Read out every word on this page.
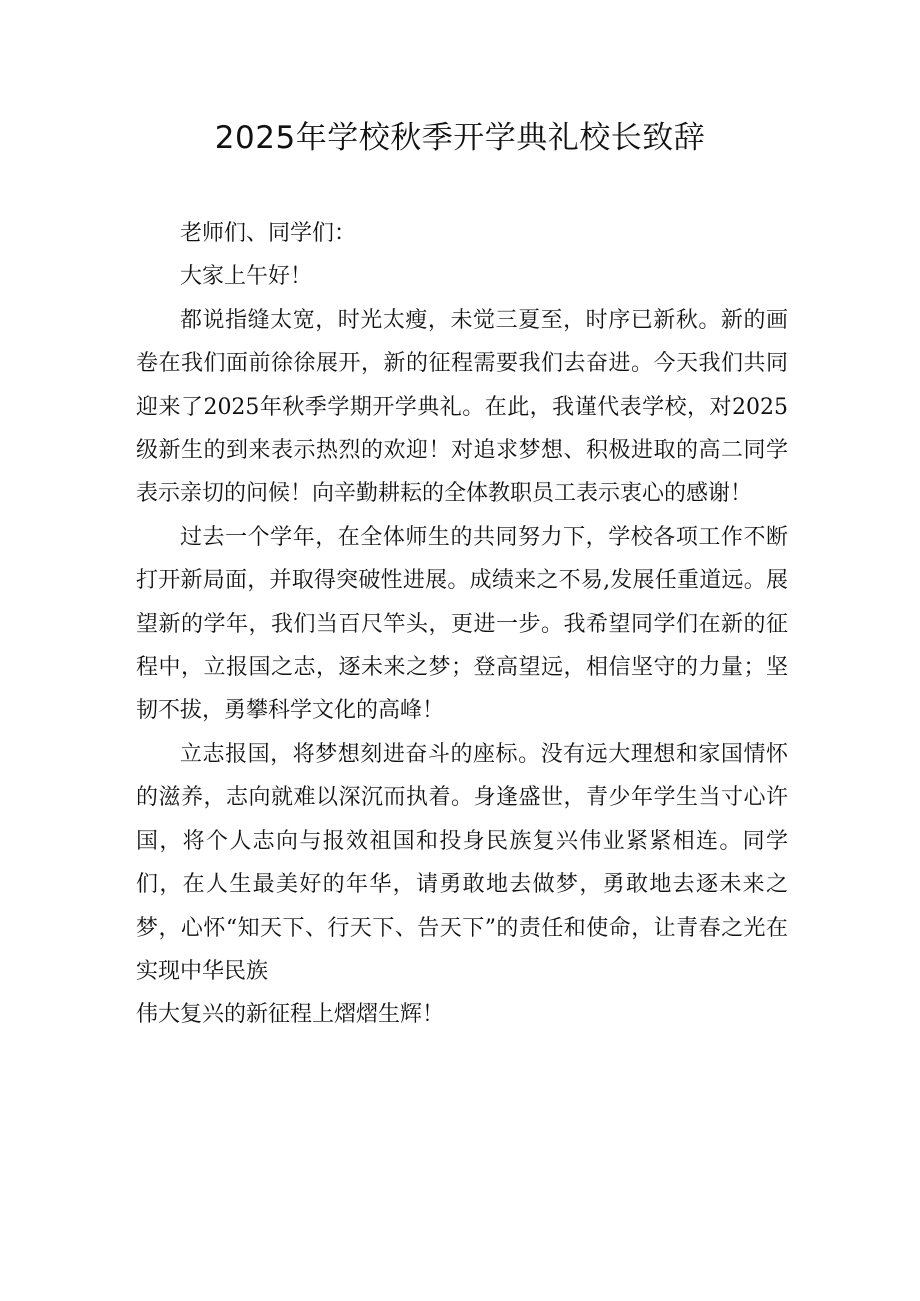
2025年学校秋季开学典礼校长致辞

老师们、同学们：

大家上午好！

都说指缝太宽，时光太瘦，未觉三夏至，时序已新秋。新的画卷在我们面前徐徐展开，新的征程需要我们去奋进。今天我们共同迎来了2025年秋季学期开学典礼。在此，我谨代表学校，对2025级新生的到来表示热烈的欢迎！对追求梦想、积极进取的高二同学表示亲切的问候！向辛勤耕耘的全体教职员工表示衷心的感谢！

过去一个学年，在全体师生的共同努力下，学校各项工作不断打开新局面，并取得突破性进展。成绩来之不易,发展任重道远。展望新的学年，我们当百尺竿头，更进一步。我希望同学们在新的征程中，立报国之志，逐未来之梦；登高望远，相信坚守的力量；坚韧不拔，勇攀科学文化的高峰！

立志报国，将梦想刻进奋斗的座标。没有远大理想和家国情怀的滋养，志向就难以深沉而执着。身逢盛世，青少年学生当寸心许国，将个人志向与报效祖国和投身民族复兴伟业紧紧相连。同学们，在人生最美好的年华，请勇敢地去做梦，勇敢地去逐未来之梦，心怀“知天下、行天下、告天下”的责任和使命，让青春之光在实现中华民族

伟大复兴的新征程上熠熠生辉！
